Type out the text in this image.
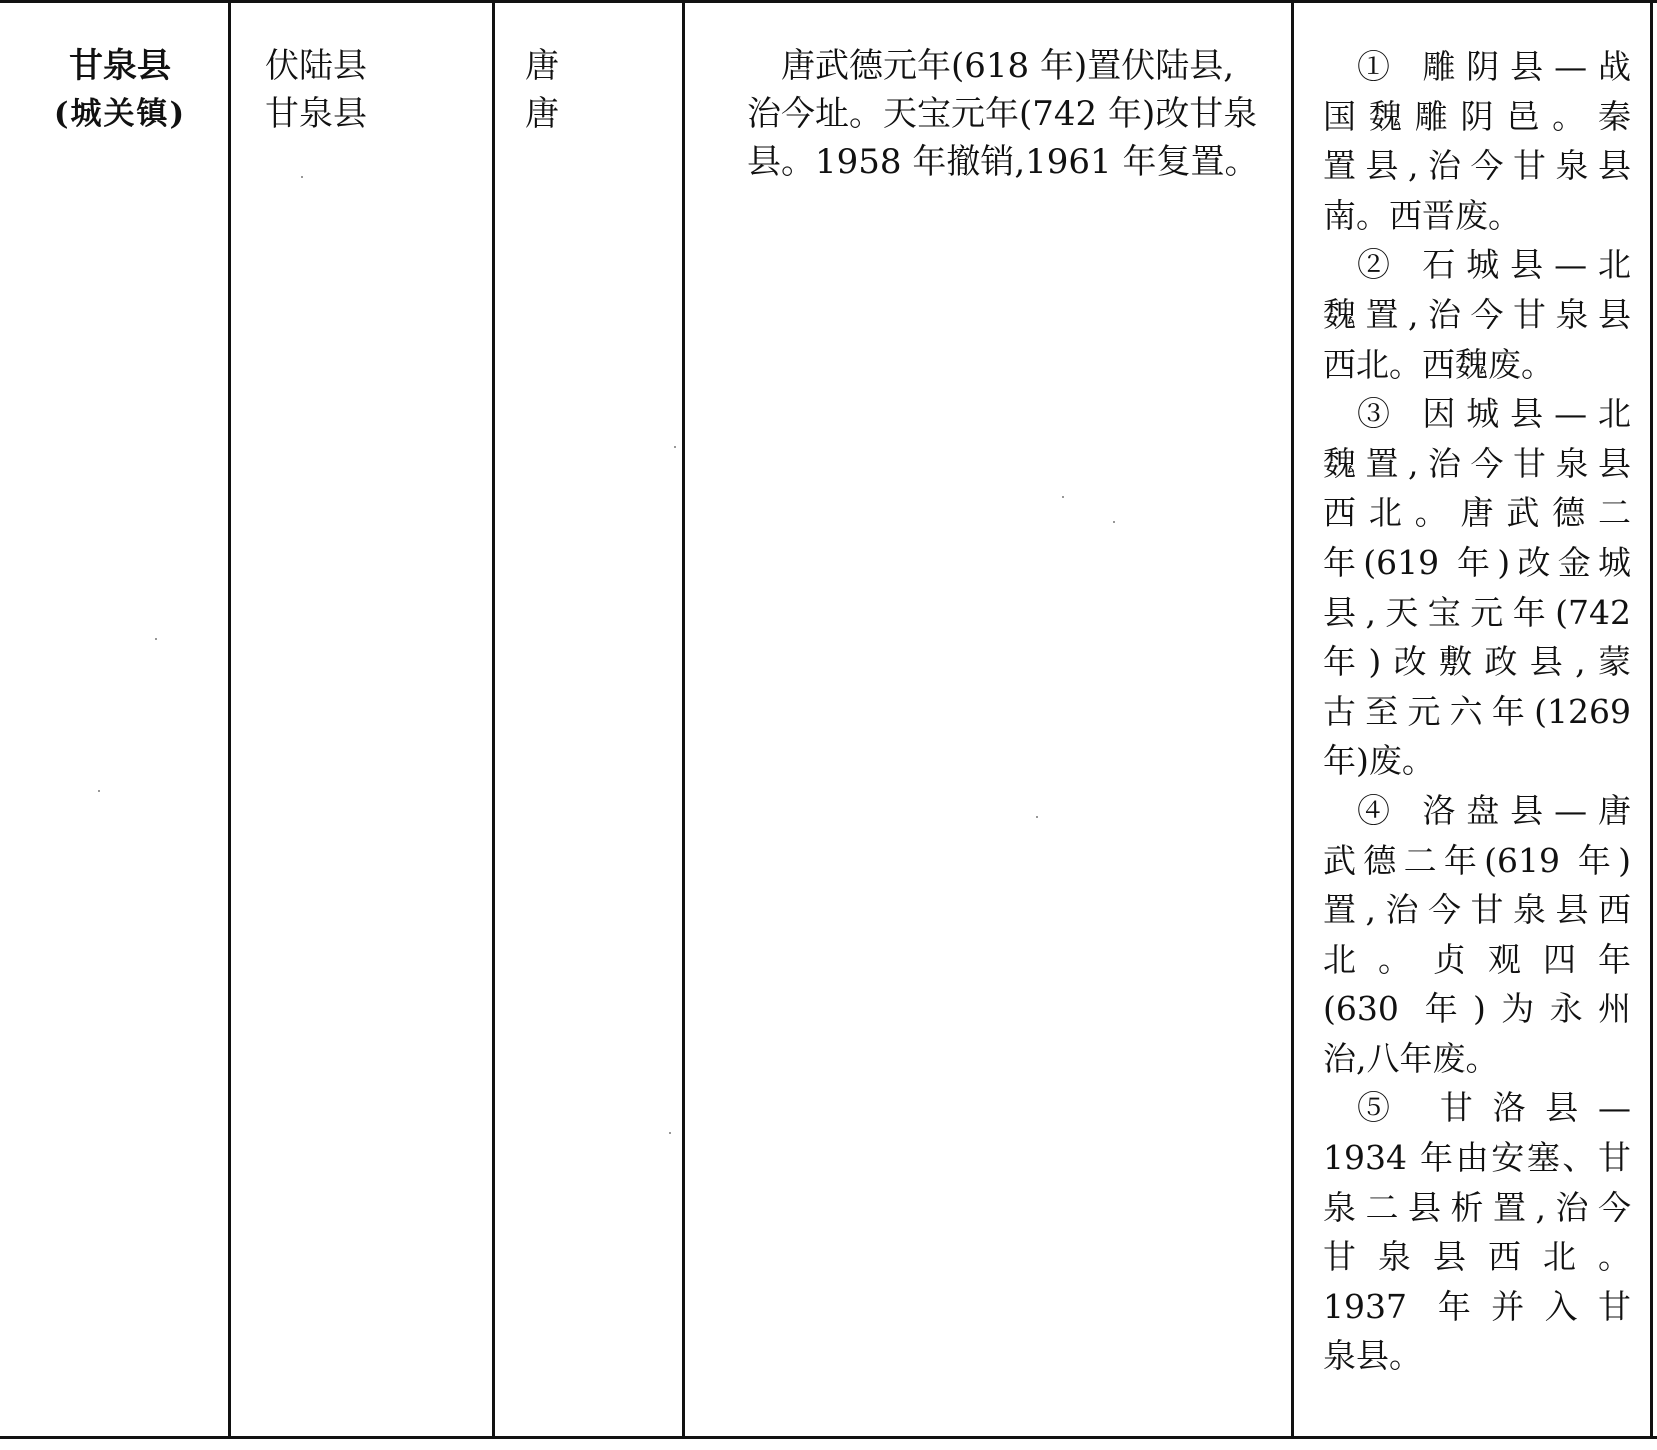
甘泉县
(城关镇)
伏陆县
甘泉县
唐
唐
唐武德元年(618 年)置伏陆县,
治今址。天宝元年(742 年)改甘泉
县。1958 年撤销,1961 年复置。
① 雕阴县—战
国魏雕阴邑。秦
置县,治今甘泉县
南。西晋废。
② 石城县—北
魏置,治今甘泉县
西北。西魏废。
③ 因城县—北
魏置,治今甘泉县
西北。唐武德二
年(619 年)改金城
县,天宝元年(742
年)改敷政县,蒙
古至元六年(1269
年)废。
④ 洛盘县—唐
武德二年(619 年)
置,治今甘泉县西
北。贞观四年
(630 年)为永州
治,八年废。
⑤ 甘洛县—
1934 年由安塞、甘
泉二县析置,治今
甘泉县西北。
1937 年并入甘
泉县。
